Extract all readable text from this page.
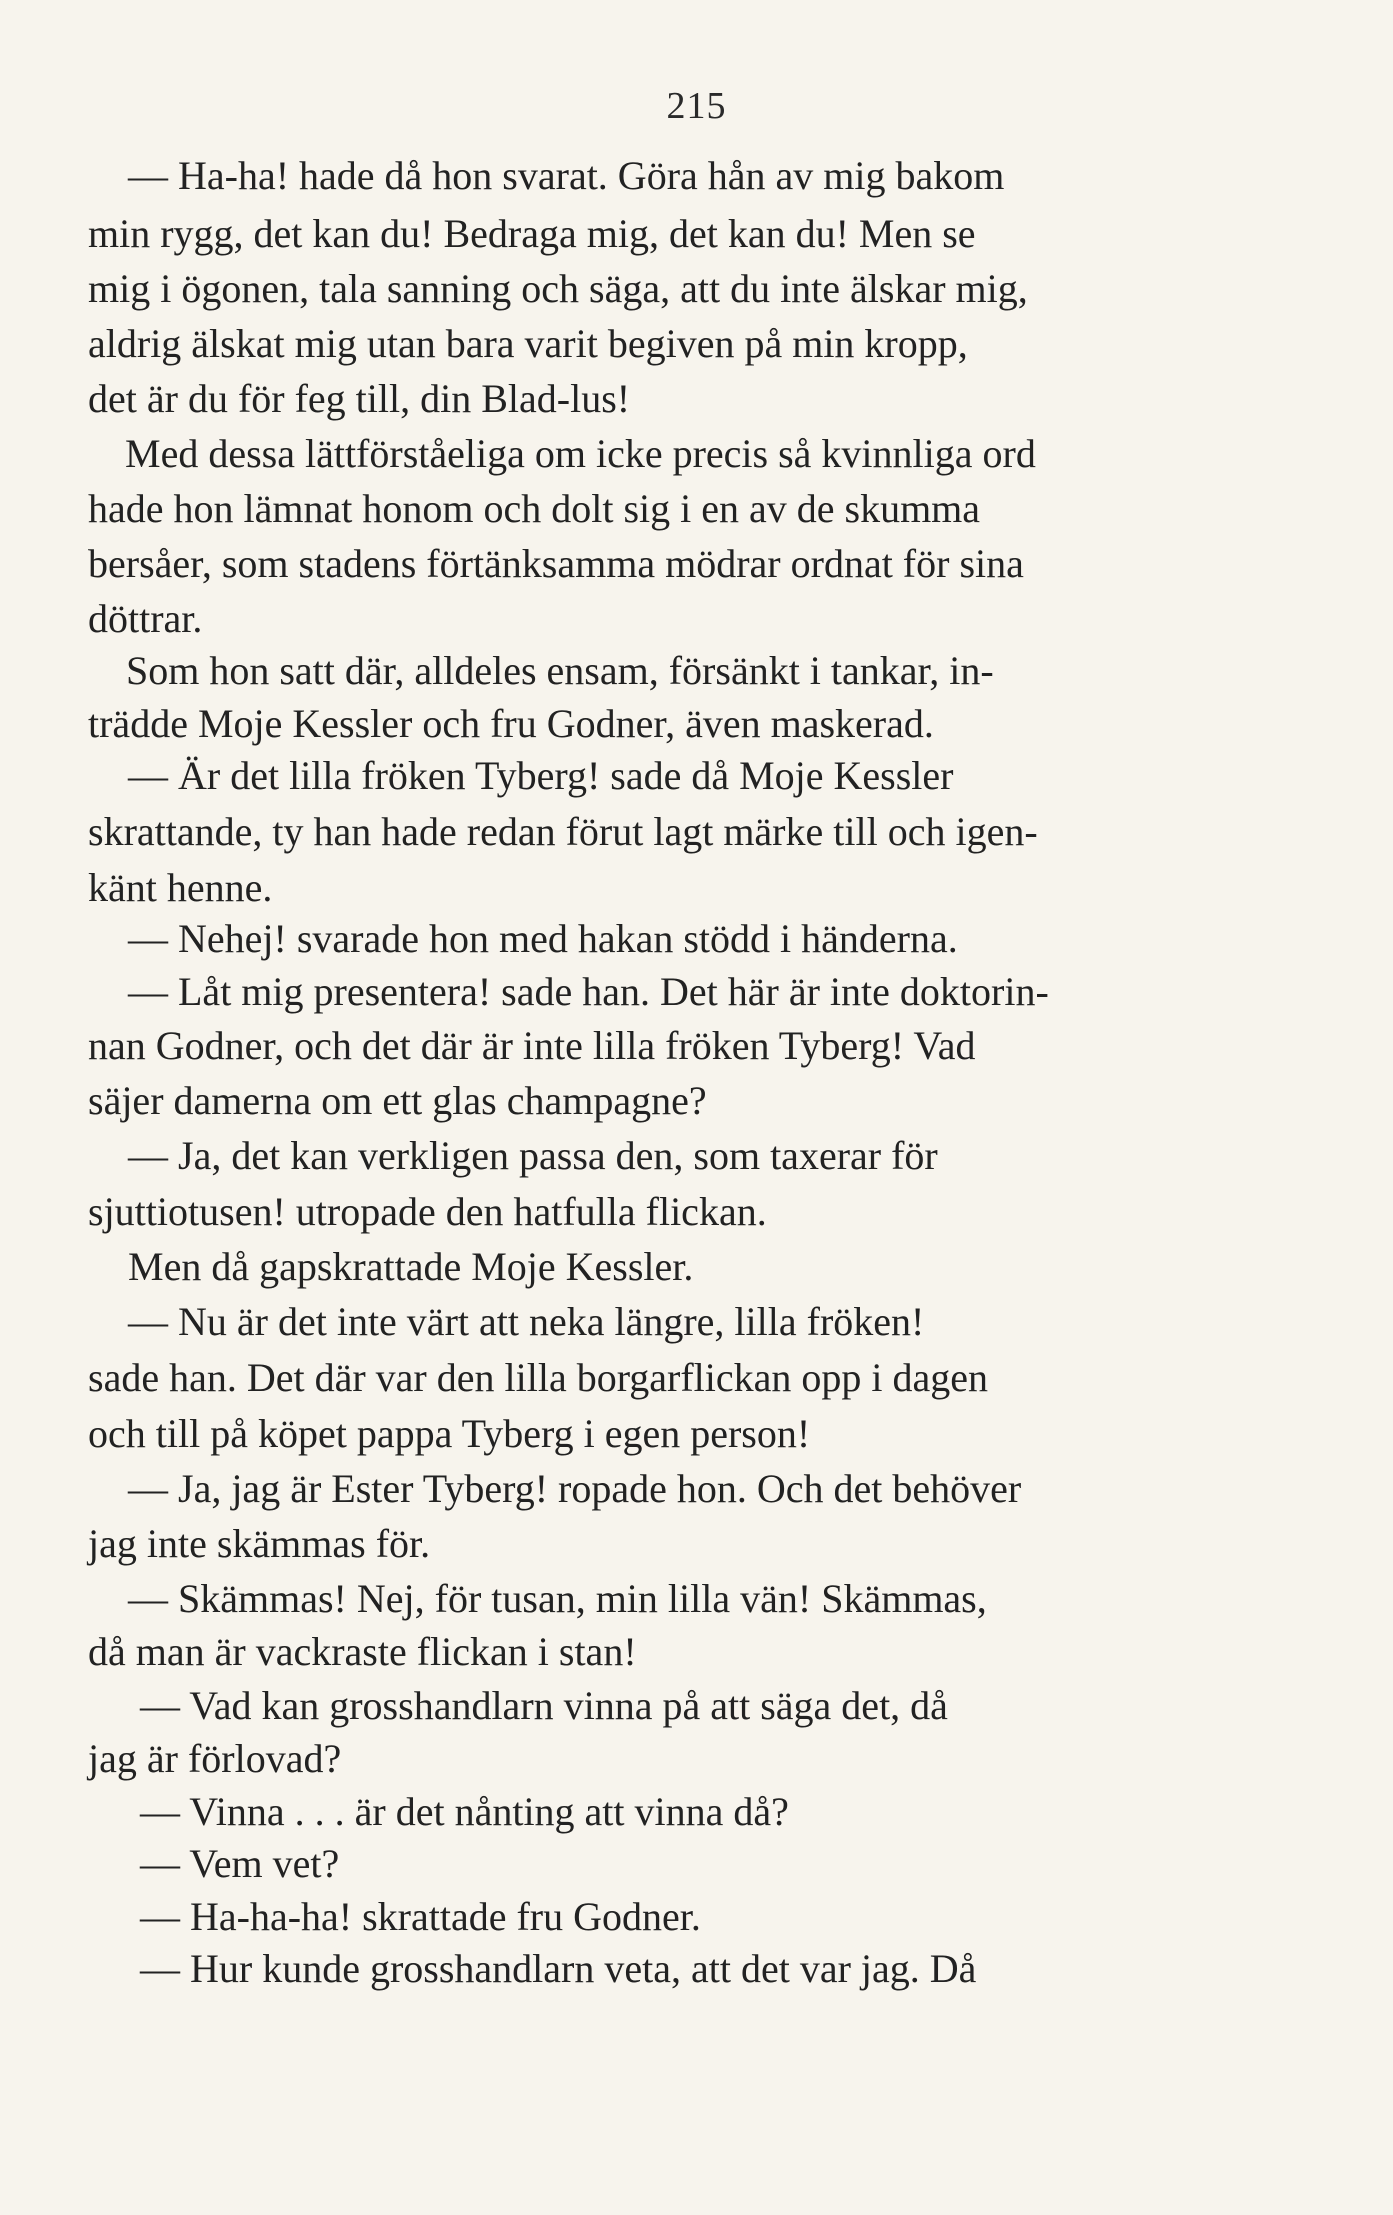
215
— Ha-ha! hade då hon svarat. Göra hån av mig bakom
min rygg, det kan du! Bedraga mig, det kan du! Men se
mig i ögonen, tala sanning och säga, att du inte älskar mig,
aldrig älskat mig utan bara varit begiven på min kropp,
det är du för feg till, din Blad-lus!
Med dessa lättförståeliga om icke precis så kvinnliga ord
hade hon lämnat honom och dolt sig i en av de skumma
bersåer, som stadens förtänksamma mödrar ordnat för sina
döttrar.
Som hon satt där, alldeles ensam, försänkt i tankar, in-
trädde Moje Kessler och fru Godner, även maskerad.
— Är det lilla fröken Tyberg! sade då Moje Kessler
skrattande, ty han hade redan förut lagt märke till och igen-
känt henne.
— Nehej! svarade hon med hakan stödd i händerna.
— Låt mig presentera! sade han. Det här är inte doktorin-
nan Godner, och det där är inte lilla fröken Tyberg! Vad
säjer damerna om ett glas champagne?
— Ja, det kan verkligen passa den, som taxerar för
sjuttiotusen! utropade den hatfulla flickan.
Men då gapskrattade Moje Kessler.
— Nu är det inte värt att neka längre, lilla fröken!
sade han. Det där var den lilla borgarflickan opp i dagen
och till på köpet pappa Tyberg i egen person!
— Ja, jag är Ester Tyberg! ropade hon. Och det behöver
jag inte skämmas för.
— Skämmas! Nej, för tusan, min lilla vän! Skämmas,
då man är vackraste flickan i stan!
— Vad kan grosshandlarn vinna på att säga det, då
jag är förlovad?
— Vinna . . . är det nånting att vinna då?
— Vem vet?
— Ha-ha-ha! skrattade fru Godner.
— Hur kunde grosshandlarn veta, att det var jag. Då
